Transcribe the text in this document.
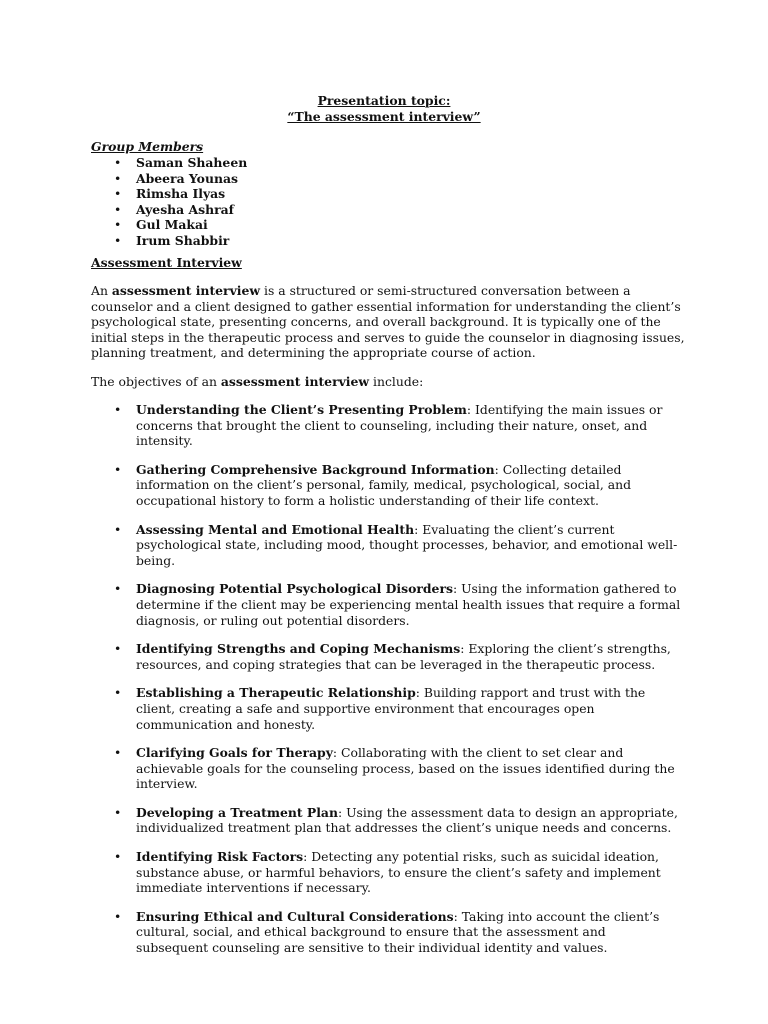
Presentation topic:
“The assessment interview”
Group Members
• Saman Shaheen
• Abeera Younas
• Rimsha Ilyas
• Ayesha Ashraf
• Gul Makai
• Irum Shabbir
Assessment Interview

An assessment interview is a structured or semi-structured conversation between a counselor and a client designed to gather essential information for understanding the client’s psychological state, presenting concerns, and overall background. It is typically one of the initial steps in the therapeutic process and serves to guide the counselor in diagnosing issues, planning treatment, and determining the appropriate course of action.

The objectives of an assessment interview include:

• Understanding the Client’s Presenting Problem: Identifying the main issues or concerns that brought the client to counseling, including their nature, onset, and intensity.
• Gathering Comprehensive Background Information: Collecting detailed information on the client’s personal, family, medical, psychological, social, and occupational history to form a holistic understanding of their life context.
• Assessing Mental and Emotional Health: Evaluating the client’s current psychological state, including mood, thought processes, behavior, and emotional well-being.
• Diagnosing Potential Psychological Disorders: Using the information gathered to determine if the client may be experiencing mental health issues that require a formal diagnosis, or ruling out potential disorders.
• Identifying Strengths and Coping Mechanisms: Exploring the client’s strengths, resources, and coping strategies that can be leveraged in the therapeutic process.
• Establishing a Therapeutic Relationship: Building rapport and trust with the client, creating a safe and supportive environment that encourages open communication and honesty.
• Clarifying Goals for Therapy: Collaborating with the client to set clear and achievable goals for the counseling process, based on the issues identified during the interview.
• Developing a Treatment Plan: Using the assessment data to design an appropriate, individualized treatment plan that addresses the client’s unique needs and concerns.
• Identifying Risk Factors: Detecting any potential risks, such as suicidal ideation, substance abuse, or harmful behaviors, to ensure the client’s safety and implement immediate interventions if necessary.
• Ensuring Ethical and Cultural Considerations: Taking into account the client’s cultural, social, and ethical background to ensure that the assessment and subsequent counseling are sensitive to their individual identity and values.
